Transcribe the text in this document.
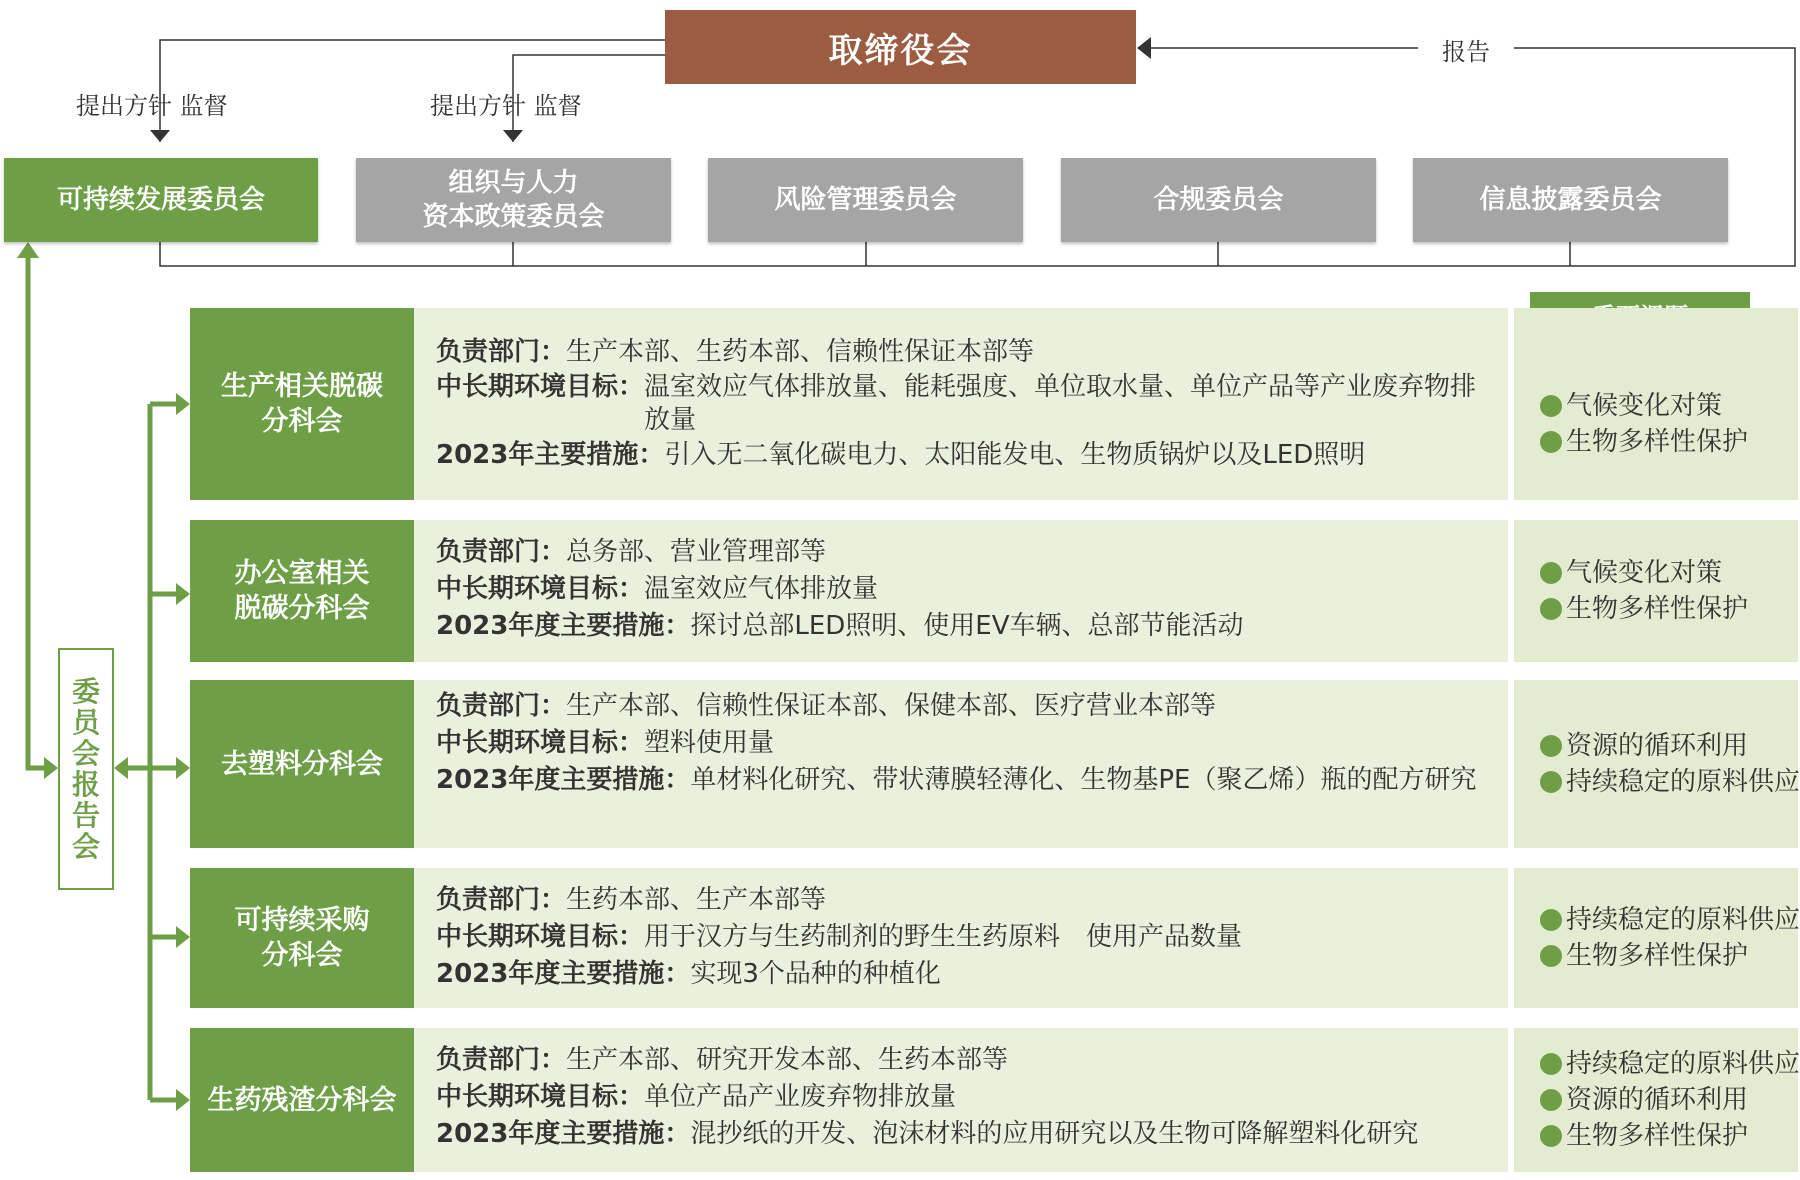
取缔役会
提出方针 监督	提出方针 监督
报告
可持续发展委员会
组织与人力
资本政策委员会
风险管理委员会	合规委员会	信息披露委员会
委员会报告会
生产相关脱碳
分科会
负责部门： 生产本部、生药本部、信赖性保证本部等
中长期环境目标： 温室效应气体排放量、能耗强度、单位取水量、单位产品等产业废弃物排放量
2023年主要措施： 引入无二氧化碳电力、太阳能发电、生物质锅炉以及LED照明
气候变化对策
生物多样性保护
办公室相关
脱碳分科会
负责部门： 总务部、营业管理部等
中长期环境目标： 温室效应气体排放量
2023年度主要措施： 探讨总部LED照明、使用EV车辆、总部节能活动
气候变化对策
生物多样性保护
去塑料分科会
负责部门： 生产本部、信赖性保证本部、保健本部、医疗营业本部等
中长期环境目标： 塑料使用量
2023年度主要措施： 单材料化研究、带状薄膜轻薄化、生物基PE（聚乙烯）瓶的配方研究
资源的循环利用
持续稳定的原料供应
可持续采购
分科会
负责部门： 生药本部、生产本部等
中长期环境目标： 用于汉方与生药制剂的野生生药原料　使用产品数量
2023年度主要措施： 实现3个品种的种植化
持续稳定的原料供应
生物多样性保护
生药残渣分科会
负责部门： 生产本部、研究开发本部、生药本部等
中长期环境目标： 单位产品产业废弃物排放量
2023年度主要措施： 混抄纸的开发、泡沫材料的应用研究以及生物可降解塑料化研究
持续稳定的原料供应
资源的循环利用
生物多样性保护
